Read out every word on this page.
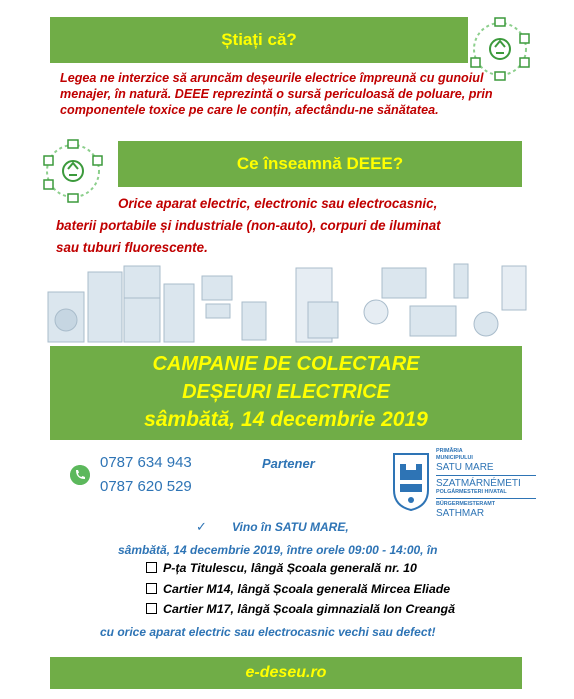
Știați că?
Legea ne interzice să aruncăm deșeurile electrice împreună cu gunoiul menajer, în natură. DEEE reprezintă o sursă periculoasă de poluare, prin componentele toxice pe care le conțin, afectându-ne sănătatea.
Ce înseamnă DEEE?
Orice aparat electric, electronic sau electrocasnic,
baterii portabile și industriale (non-auto), corpuri de iluminat
sau tuburi fluorescente.
CAMPANIE DE COLECTARE
DEȘEURI ELECTRICE
sâmbătă, 14 decembrie 2019
0787 634 943
0787 620 529
Partener
PRIMĂRIA
MUNICIPIULUI
SATU MARE
SZATMÁRNÉMETI
POLGÁRMESTERI HIVATAL
BÜRGERMEISTERAMT
SATHMAR
✓ Vino în SATU MARE,
sâmbătă, 14 decembrie 2019, între orele 09:00 - 14:00, în
P-ța Titulescu, lângă Școala generală nr. 10
Cartier M14, lângă Școala generală Mircea Eliade
Cartier M17, lângă Școala gimnazială Ion Creangă
cu orice aparat electric sau electrocasnic vechi sau defect!
e-deseu.ro
